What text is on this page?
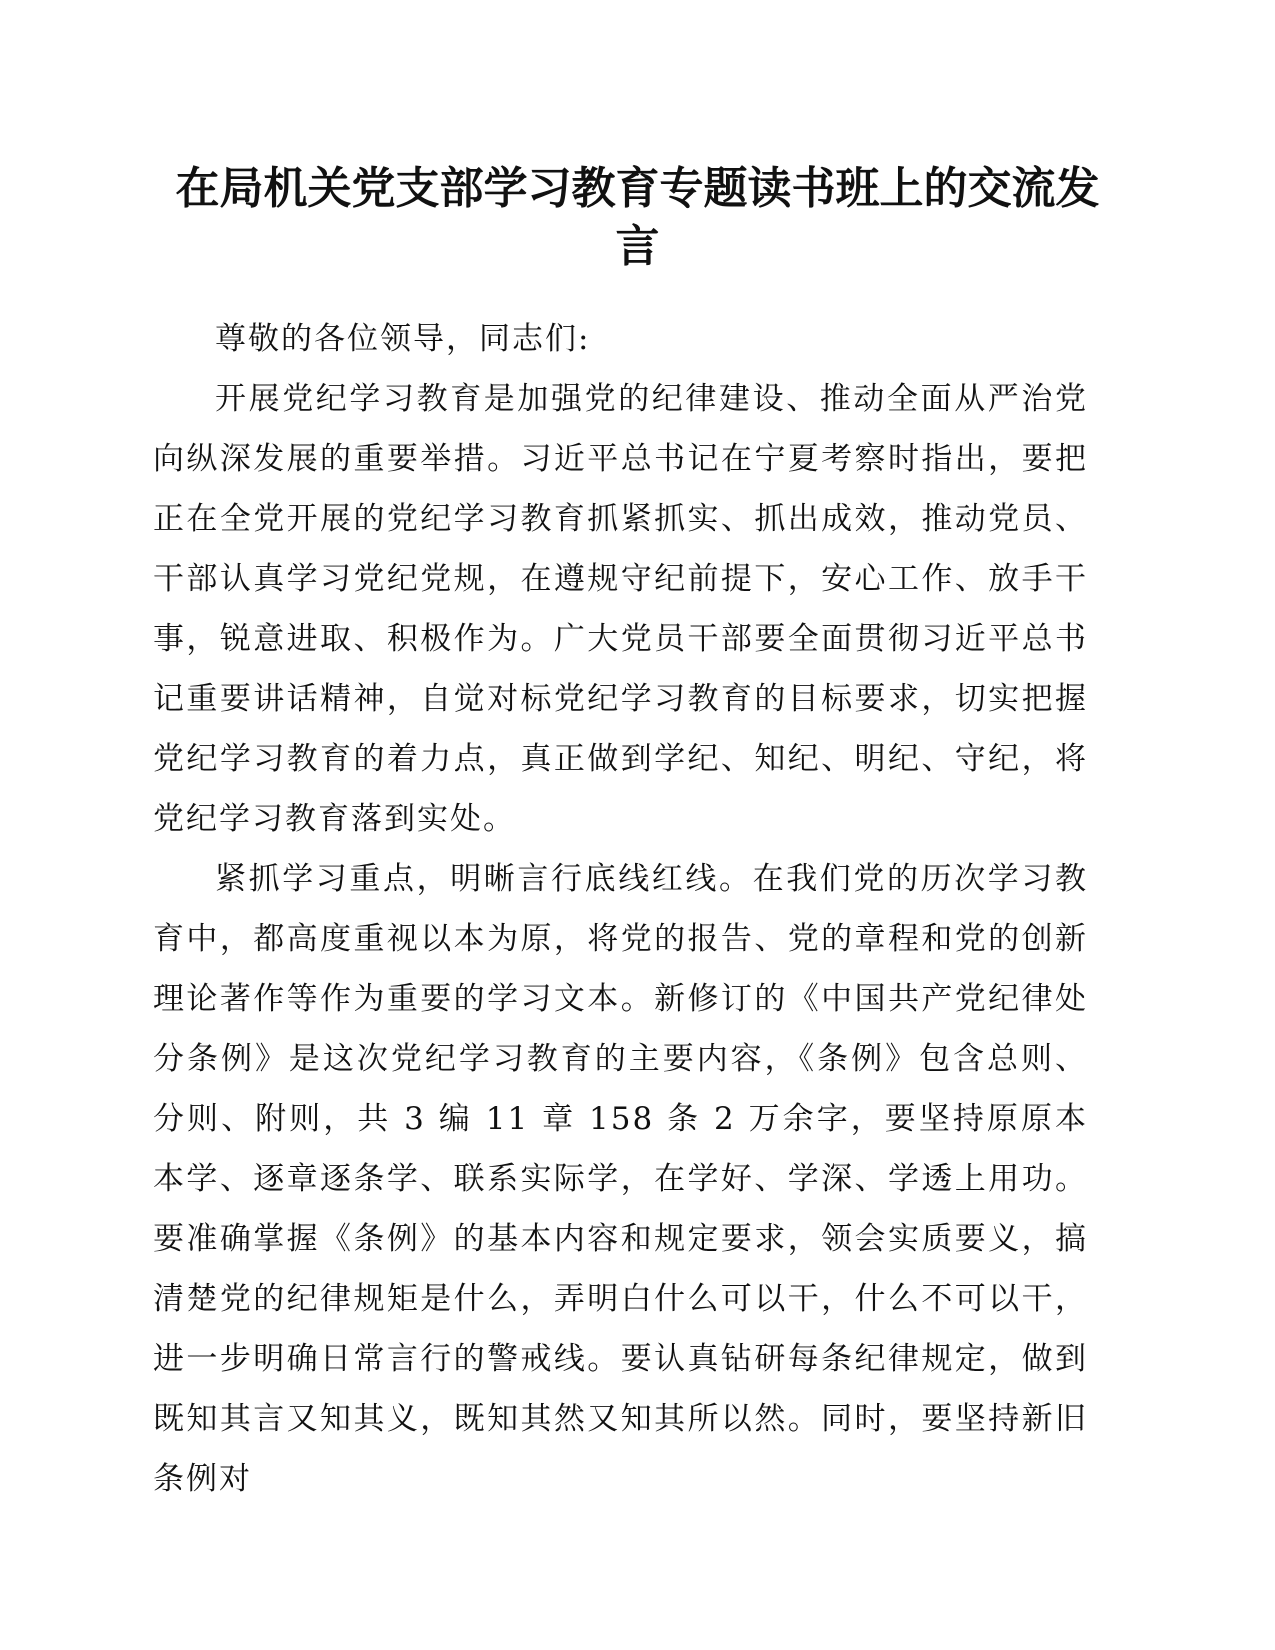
在局机关党支部学习教育专题读书班上的交流发言

尊敬的各位领导，同志们:

开展党纪学习教育是加强党的纪律建设、推动全面从严治党向纵深发展的重要举措。习近平总书记在宁夏考察时指出，要把正在全党开展的党纪学习教育抓紧抓实、抓出成效，推动党员、干部认真学习党纪党规，在遵规守纪前提下，安心工作、放手干事，锐意进取、积极作为。广大党员干部要全面贯彻习近平总书记重要讲话精神，自觉对标党纪学习教育的目标要求，切实把握党纪学习教育的着力点，真正做到学纪、知纪、明纪、守纪，将党纪学习教育落到实处。

紧抓学习重点，明晰言行底线红线。在我们党的历次学习教育中，都高度重视以本为原，将党的报告、党的章程和党的创新理论著作等作为重要的学习文本。新修订的《中国共产党纪律处分条例》是这次党纪学习教育的主要内容，《条例》包含总则、分则、附则，共 3 编 11 章 158 条 2 万余字，要坚持原原本本学、逐章逐条学、联系实际学，在学好、学深、学透上用功。要准确掌握《条例》的基本内容和规定要求，领会实质要义，搞清楚党的纪律规矩是什么，弄明白什么可以干，什么不可以干，进一步明确日常言行的警戒线。要认真钻研每条纪律规定，做到既知其言又知其义，既知其然又知其所以然。同时，要坚持新旧条例对
